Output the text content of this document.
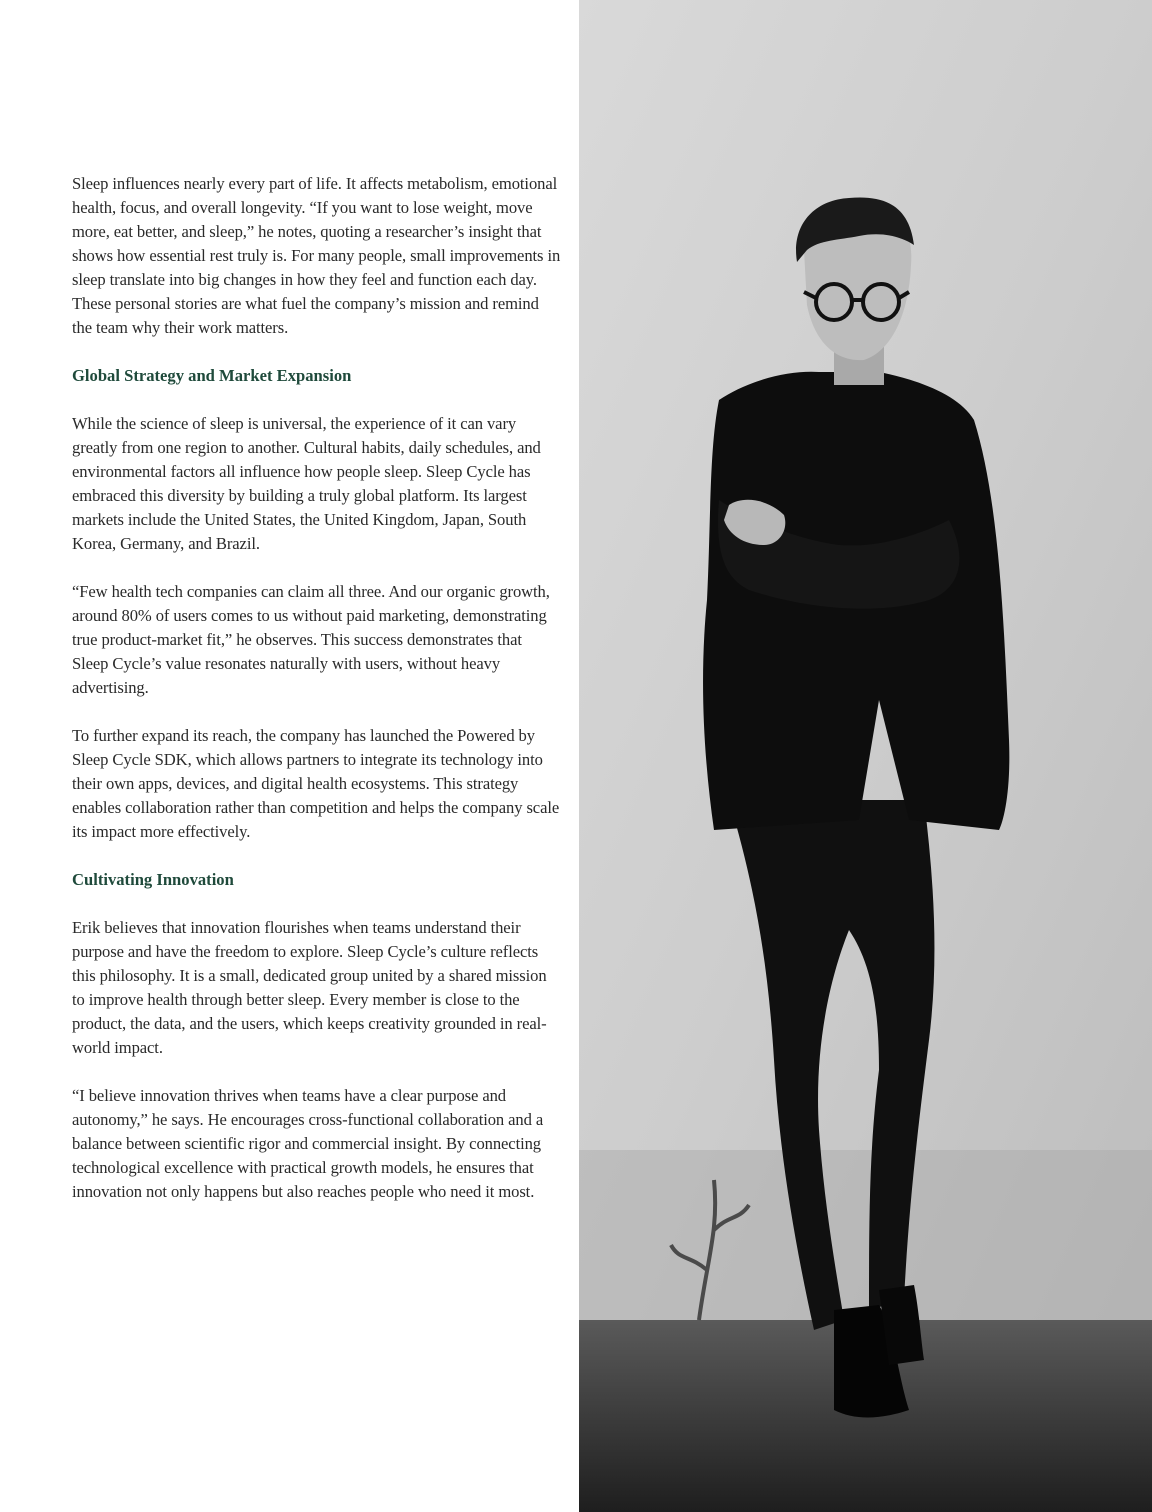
Sleep influences nearly every part of life. It affects metabolism, emotional health, focus, and overall longevity. “If you want to lose weight, move more, eat better, and sleep,” he notes, quoting a researcher’s insight that shows how essential rest truly is. For many people, small improvements in sleep translate into big changes in how they feel and function each day. These personal stories are what fuel the company’s mission and remind the team why their work matters.

Global Strategy and Market Expansion

While the science of sleep is universal, the experience of it can vary greatly from one region to another. Cultural habits, daily schedules, and environmental factors all influence how people sleep. Sleep Cycle has embraced this diversity by building a truly global platform. Its largest markets include the United States, the United Kingdom, Japan, South Korea, Germany, and Brazil.

“Few health tech companies can claim all three. And our organic growth, around 80% of users comes to us without paid marketing, demonstrating true product-market fit,” he observes. This success demonstrates that Sleep Cycle’s value resonates naturally with users, without heavy advertising.

To further expand its reach, the company has launched the Powered by Sleep Cycle SDK, which allows partners to integrate its technology into their own apps, devices, and digital health ecosystems. This strategy enables collaboration rather than competition and helps the company scale its impact more effectively.

Cultivating Innovation

Erik believes that innovation flourishes when teams understand their purpose and have the freedom to explore. Sleep Cycle’s culture reflects this philosophy. It is a small, dedicated group united by a shared mission to improve health through better sleep. Every member is close to the product, the data, and the users, which keeps creativity grounded in real-world impact.

“I believe innovation thrives when teams have a clear purpose and autonomy,” he says. He encourages cross-functional collaboration and a balance between scientific rigor and commercial insight. By connecting technological excellence with practical growth models, he ensures that innovation not only happens but also reaches people who need it most.
